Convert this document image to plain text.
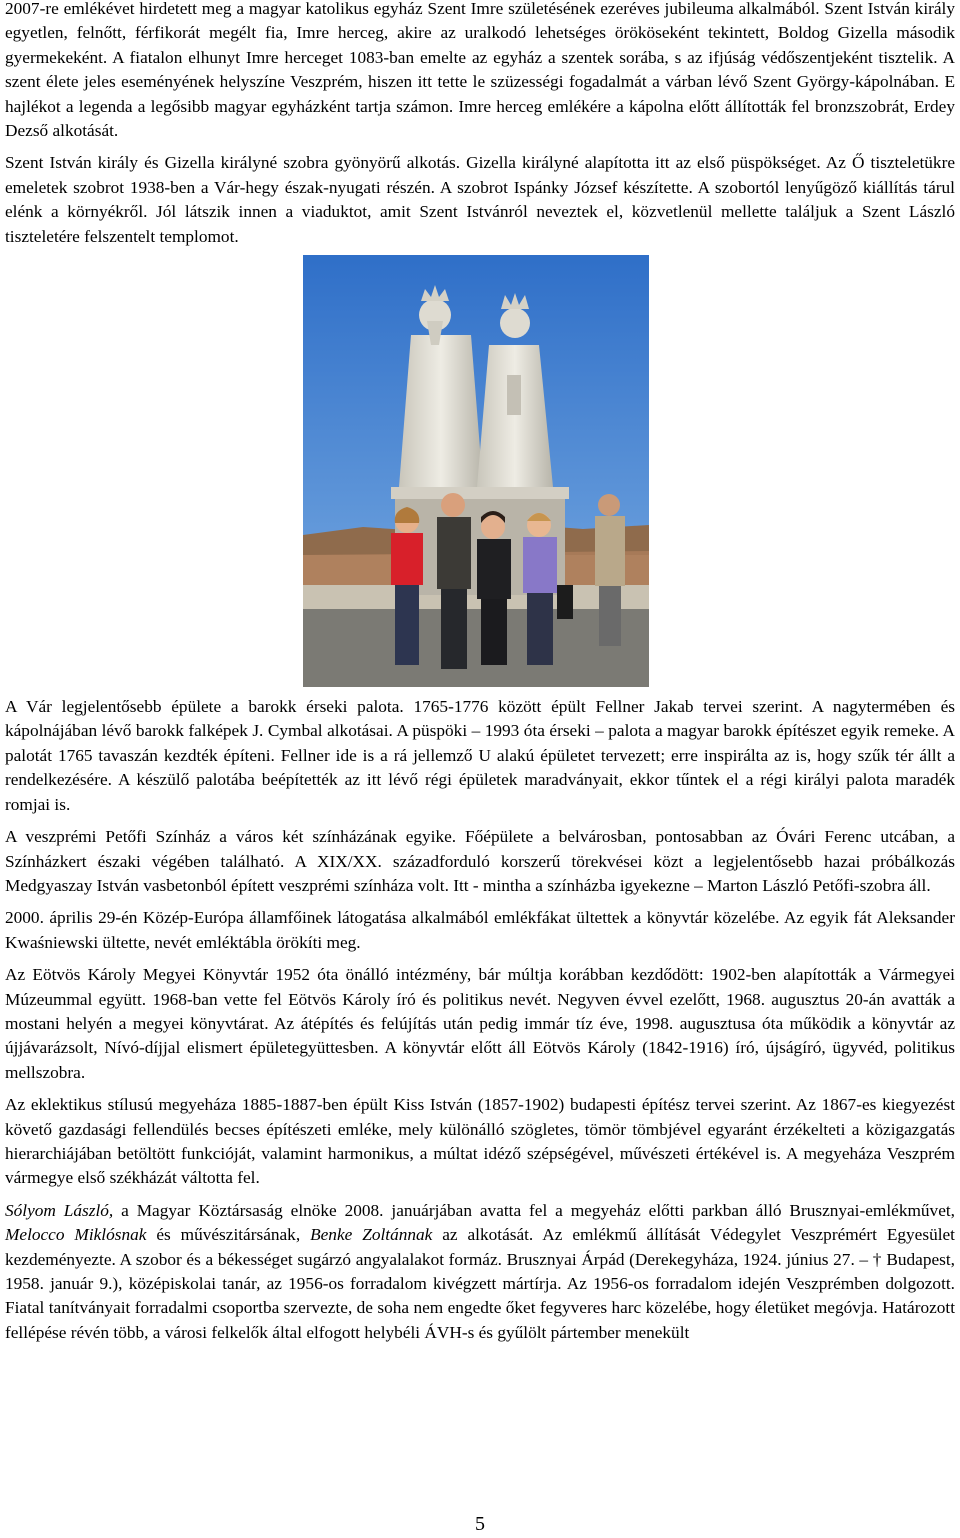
2007-re emlékévet hirdetett meg a magyar katolikus egyház Szent Imre születésének ezeréves jubileuma alkalmából. Szent István király egyetlen, felnőtt, férfikorát megélt fia, Imre herceg, akire az uralkodó lehetséges örököseként tekintett, Boldog Gizella második gyermekeként. A fiatalon elhunyt Imre herceget 1083-ban emelte az egyház a szentek sorába, s az ifjúság védőszentjeként tisztelik. A szent élete jeles eseményének helyszíne Veszprém, hiszen itt tette le szüzességi fogadalmát a várban lévő Szent György-kápolnában. E hajlékot a legenda a legősibb magyar egyházként tartja számon. Imre herceg emlékére a kápolna előtt állították fel bronzszobrát, Erdey Dezső alkotását.

Szent István király és Gizella királyné szobra gyönyörű alkotás. Gizella királyné alapította itt az első püspökséget. Az Ő tiszteletükre emeletek szobrot 1938-ben a Vár-hegy észak-nyugati részén. A szobrot Ispánky József készítette. A szobortól lenyűgöző kiállítás tárul elénk a környékről. Jól látszik innen a viaduktot, amit Szent Istvánról neveztek el, közvetlenül mellette találjuk a Szent László tiszteletére felszentelt templomot.

A Vár legjelentősebb épülete a barokk érseki palota. 1765-1776 között épült Fellner Jakab tervei szerint. A nagytermében és kápolnájában lévő barokk falképek J. Cymbal alkotásai. A püspöki – 1993 óta érseki – palota a magyar barokk építészet egyik remeke. A palotát 1765 tavaszán kezdték építeni. Fellner ide is a rá jellemző U alakú épületet tervezett; erre inspirálta az is, hogy szűk tér állt a rendelkezésére. A készülő palotába beépítették az itt lévő régi épületek maradványait, ekkor tűntek el a régi királyi palota maradék romjai is.

A veszprémi Petőfi Színház a város két színházának egyike. Főépülete a belvárosban, pontosabban az Óvári Ferenc utcában, a Színházkert északi végében található. A XIX/XX. századforduló korszerű törekvései közt a legjelentősebb hazai próbálkozás Medgyaszay István vasbetonból épített veszprémi színháza volt. Itt - mintha a színházba igyekezne – Marton László Petőfi-szobra áll.

2000. április 29-én Közép-Európa államfőinek látogatása alkalmából emlékfákat ültettek a könyvtár közelébe. Az egyik fát Aleksander Kwaśniewski ültette, nevét emléktábla örökíti meg.

Az Eötvös Károly Megyei Könyvtár 1952 óta önálló intézmény, bár múltja korábban kezdődött: 1902-ben alapították a Vármegyei Múzeummal együtt. 1968-ban vette fel Eötvös Károly író és politikus nevét. Negyven évvel ezelőtt, 1968. augusztus 20-án avatták a mostani helyén a megyei könyvtárat. Az átépítés és felújítás után pedig immár tíz éve, 1998. augusztusa óta működik a könyvtár az újjávarázsolt, Nívó-díjjal elismert épületegyüttesben. A könyvtár előtt áll Eötvös Károly (1842-1916) író, újságíró, ügyvéd, politikus mellszobra.

Az eklektikus stílusú megyeháza 1885-1887-ben épült Kiss István (1857-1902) budapesti építész tervei szerint. Az 1867-es kiegyezést követő gazdasági fellendülés becses építészeti emléke, mely különálló szögletes, tömör tömbjével egyaránt érzékelteti a közigazgatás hierarchiájában betöltött funkcióját, valamint harmonikus, a múltat idéző szépségével, művészeti értékével is. A megyeháza Veszprém vármegye első székházát váltotta fel.

Sólyom László, a Magyar Köztársaság elnöke 2008. januárjában avatta fel a megyeház előtti parkban álló Brusznyai-emlékművet, Melocco Miklósnak és művészitársának, Benke Zoltánnak az alkotását. Az emlékmű állítását Védegylet Veszprémért Egyesület kezdeményezte. A szobor és a békességet sugárzó angyalalakot formáz. Brusznyai Árpád (Derekegyháza, 1924. június 27. – † Budapest, 1958. január 9.), középiskolai tanár, az 1956-os forradalom kivégzett mártírja. Az 1956-os forradalom idején Veszprémben dolgozott. Fiatal tanítványait forradalmi csoportba szervezte, de soha nem engedte őket fegyveres harc közelébe, hogy életüket megóvja. Határozott fellépése révén több, a városi felkelők által elfogott helybéli ÁVH-s és gyűlölt pártember menekült

5
